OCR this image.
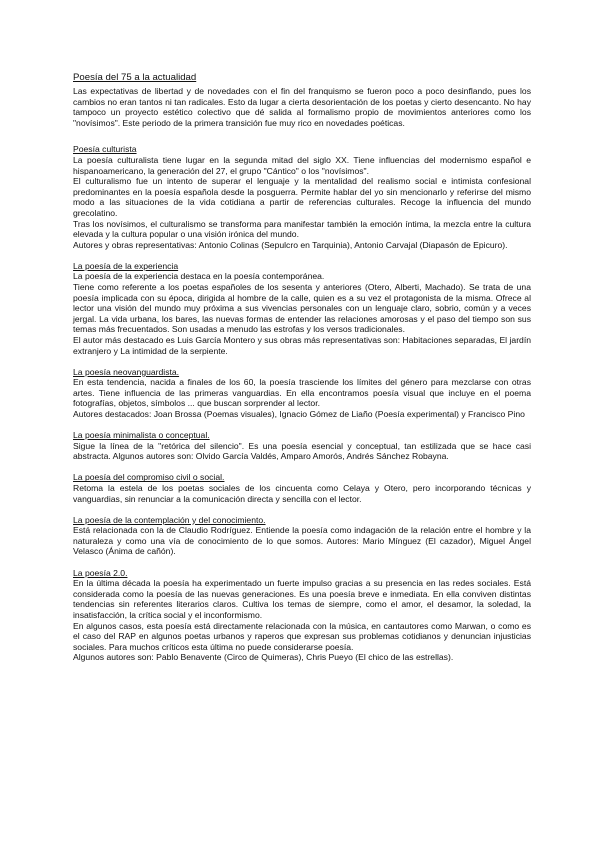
Poesía del 75 a la actualidad

Las expectativas de libertad y de novedades con el fin del franquismo se fueron poco a poco desinflando, pues los cambios no eran tantos ni tan radicales. Esto da lugar a cierta desorientación de los poetas y cierto desencanto. No hay tampoco un proyecto estético colectivo que dé salida al formalismo propio de movimientos anteriores como los "novísimos". Este periodo de la primera transición fue muy rico en novedades poéticas.

Poesía culturista

La poesía culturalista tiene lugar en la segunda mitad del siglo XX. Tiene influencias del modernismo español e hispanoamericano, la generación del 27, el grupo "Cántico" o los "novísimos".

El culturalismo fue un intento de superar el lenguaje y la mentalidad del realismo social e intimista confesional predominantes en la poesía española desde la posguerra. Permite hablar del yo sin mencionarlo y referirse del mismo modo a las situaciones de la vida cotidiana a partir de referencias culturales. Recoge la influencia del mundo grecolatino.

Tras los novísimos, el culturalismo se transforma para manifestar también la emoción íntima, la mezcla entre la cultura elevada y la cultura popular o una visión irónica del mundo.

Autores y obras representativas: Antonio Colinas (Sepulcro en Tarquinia), Antonio Carvajal (Diapasón de Epicuro).

La poesía de la experiencia

La poesía de la experiencia destaca en la poesía contemporánea.

Tiene como referente a los poetas españoles de los sesenta y anteriores (Otero, Alberti, Machado). Se trata de una poesía implicada con su época, dirigida al hombre de la calle, quien es a su vez el protagonista de la misma. Ofrece al lector una visión del mundo muy próxima a sus vivencias personales con un lenguaje claro, sobrio, común y a veces jergal. La vida urbana, los bares, las nuevas formas de entender las relaciones amorosas y el paso del tiempo son sus temas más frecuentados. Son usadas a menudo las estrofas y los versos tradicionales.

El autor más destacado es Luis García Montero y sus obras más representativas son: Habitaciones separadas, El jardín extranjero y La intimidad de la serpiente.

La poesía neovanguardista.

En esta tendencia, nacida a finales de los 60, la poesía trasciende los límites del género para mezclarse con otras artes. Tiene influencia de las primeras vanguardias. En ella encontramos poesía visual que incluye en el poema fotografías, objetos, símbolos ... que buscan sorprender al lector.

Autores destacados: Joan Brossa (Poemas visuales), Ignacio Gómez de Liaño (Poesía experimental) y Francisco Pino

La poesía minimalista o conceptual.

Sigue la línea de la "retórica del silencio". Es una poesía esencial y conceptual, tan estilizada que se hace casi abstracta. Algunos autores son: Olvido García Valdés, Amparo Amorós, Andrés Sánchez Robayna.

La poesía del compromiso civil o social.

Retoma la estela de los poetas sociales de los cincuenta como Celaya y Otero, pero incorporando técnicas y vanguardias, sin renunciar a la comunicación directa y sencilla con el lector.

La poesía de la contemplación y del conocimiento.

Está relacionada con la de Claudio Rodríguez. Entiende la poesía como indagación de la relación entre el hombre y la naturaleza y como una vía de conocimiento de lo que somos. Autores: Mario Mínguez (El cazador), Miguel Ángel Velasco (Ánima de cañón).

La poesía 2.0.

En la última década la poesía ha experimentado un fuerte impulso gracias a su presencia en las redes sociales. Está considerada como la poesía de las nuevas generaciones. Es una poesía breve e inmediata. En ella conviven distintas tendencias sin referentes literarios claros. Cultiva los temas de siempre, como el amor, el desamor, la soledad, la insatisfacción, la crítica social y el inconformismo.

En algunos casos, esta poesía está directamente relacionada con la música, en cantautores como Marwan, o como es el caso del RAP en algunos poetas urbanos y raperos que expresan sus problemas cotidianos y denuncian injusticias sociales. Para muchos críticos esta última no puede considerarse poesía.

Algunos autores son: Pablo Benavente (Circo de Quimeras), Chris Pueyo (El chico de las estrellas).
